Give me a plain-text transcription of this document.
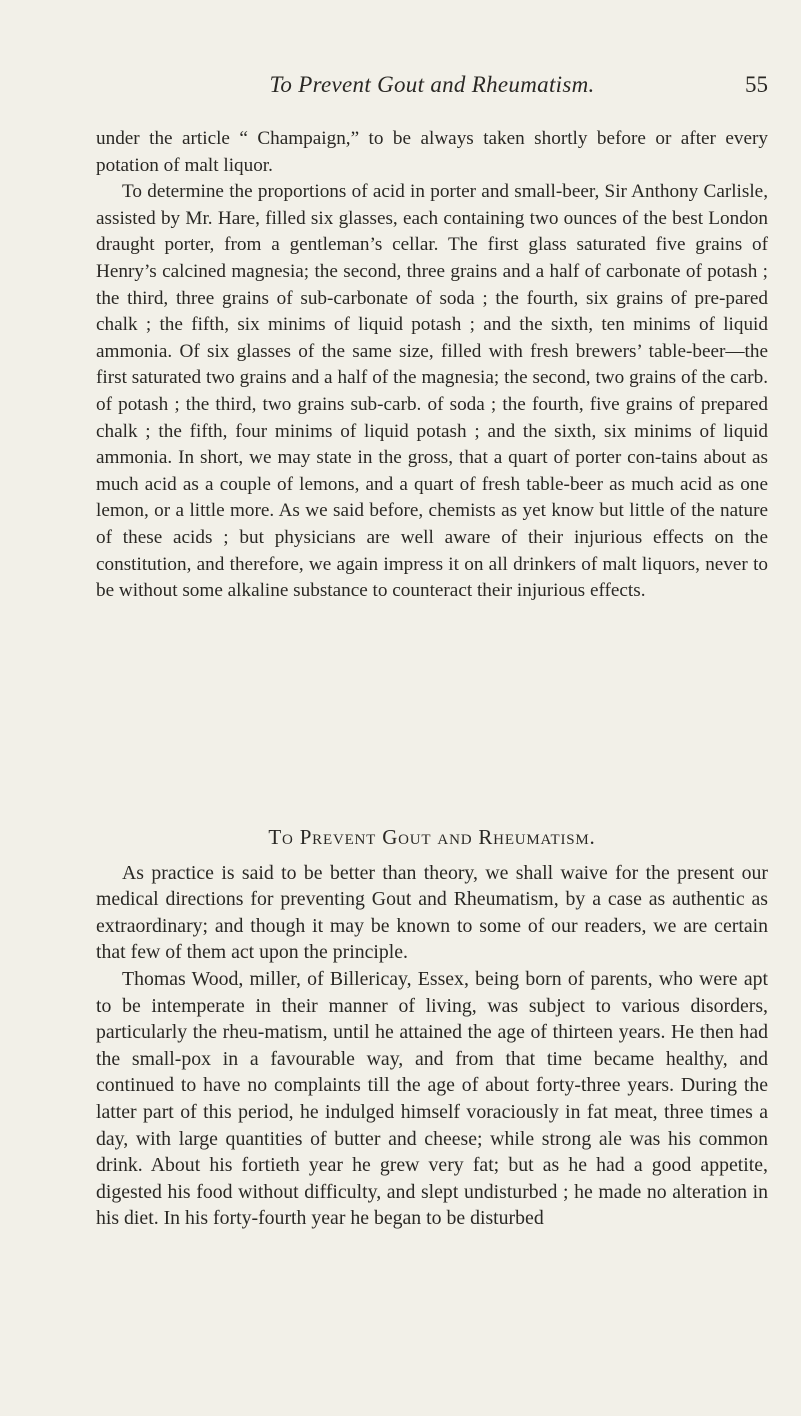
To Prevent Gout and Rheumatism.	55

under the article “ Champaign,” to be always taken shortly before or after every potation of malt liquor.

To determine the proportions of acid in porter and small-beer, Sir Anthony Carlisle, assisted by Mr. Hare, filled six glasses, each containing two ounces of the best London draught porter, from a gentleman’s cellar. The first glass saturated five grains of Henry’s calcined magnesia; the second, three grains and a half of carbonate of potash ; the third, three grains of sub-carbonate of soda ; the fourth, six grains of pre-pared chalk ; the fifth, six minims of liquid potash ; and the sixth, ten minims of liquid ammonia. Of six glasses of the same size, filled with fresh brewers’ table-beer—the first saturated two grains and a half of the magnesia; the second, two grains of the carb. of potash ; the third, two grains sub-carb. of soda ; the fourth, five grains of prepared chalk ; the fifth, four minims of liquid potash ; and the sixth, six minims of liquid ammonia. In short, we may state in the gross, that a quart of porter con-tains about as much acid as a couple of lemons, and a quart of fresh table-beer as much acid as one lemon, or a little more. As we said before, chemists as yet know but little of the nature of these acids ; but physicians are well aware of their injurious effects on the constitution, and therefore, we again impress it on all drinkers of malt liquors, never to be without some alkaline substance to counteract their injurious effects.

To Prevent Gout and Rheumatism.

As practice is said to be better than theory, we shall waive for the present our medical directions for preventing Gout and Rheumatism, by a case as authentic as extraordinary; and though it may be known to some of our readers, we are certain that few of them act upon the principle.

Thomas Wood, miller, of Billericay, Essex, being born of parents, who were apt to be intemperate in their manner of living, was subject to various disorders, particularly the rheu-matism, until he attained the age of thirteen years. He then had the small-pox in a favourable way, and from that time became healthy, and continued to have no complaints till the age of about forty-three years. During the latter part of this period, he indulged himself voraciously in fat meat, three times a day, with large quantities of butter and cheese; while strong ale was his common drink. About his fortieth year he grew very fat; but as he had a good appetite, digested his food without difficulty, and slept undisturbed ; he made no alteration in his diet. In his forty-fourth year he began to be disturbed
